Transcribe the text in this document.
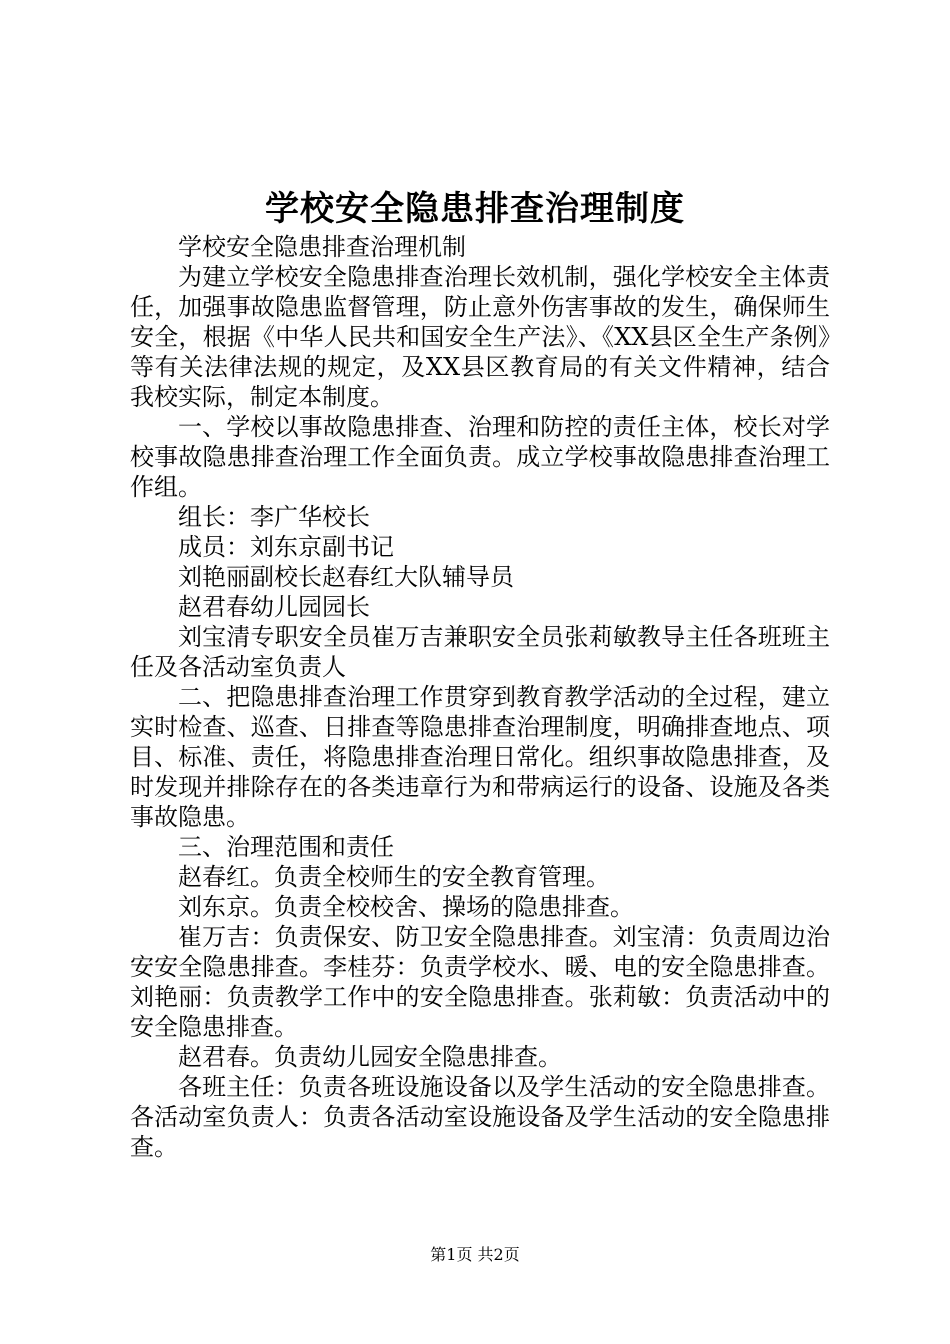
学校安全隐患排查治理制度

学校安全隐患排查治理机制

为建立学校安全隐患排查治理长效机制，强化学校安全主体责任，加强事故隐患监督管理，防止意外伤害事故的发生，确保师生安全，根据《中华人民共和国安全生产法》、《XX县区全生产条例》等有关法律法规的规定，及XX县区教育局的有关文件精神，结合我校实际，制定本制度。

一、学校以事故隐患排查、治理和防控的责任主体，校长对学校事故隐患排查治理工作全面负责。成立学校事故隐患排查治理工作组。

组长：李广华校长

成员：刘东京副书记

刘艳丽副校长赵春红大队辅导员

赵君春幼儿园园长

刘宝清专职安全员崔万吉兼职安全员张莉敏教导主任各班班主任及各活动室负责人

二、把隐患排查治理工作贯穿到教育教学活动的全过程，建立实时检查、巡查、日排查等隐患排查治理制度，明确排查地点、项目、标准、责任，将隐患排查治理日常化。组织事故隐患排查，及时发现并排除存在的各类违章行为和带病运行的设备、设施及各类事故隐患。

三、治理范围和责任

赵春红。负责全校师生的安全教育管理。

刘东京。负责全校校舍、操场的隐患排查。

崔万吉：负责保安、防卫安全隐患排查。刘宝清：负责周边治安安全隐患排查。李桂芬：负责学校水、暖、电的安全隐患排查。刘艳丽：负责教学工作中的安全隐患排查。张莉敏：负责活动中的安全隐患排查。

赵君春。负责幼儿园安全隐患排查。

各班主任：负责各班设施设备以及学生活动的安全隐患排查。各活动室负责人：负责各活动室设施设备及学生活动的安全隐患排查。

第1页 共2页
